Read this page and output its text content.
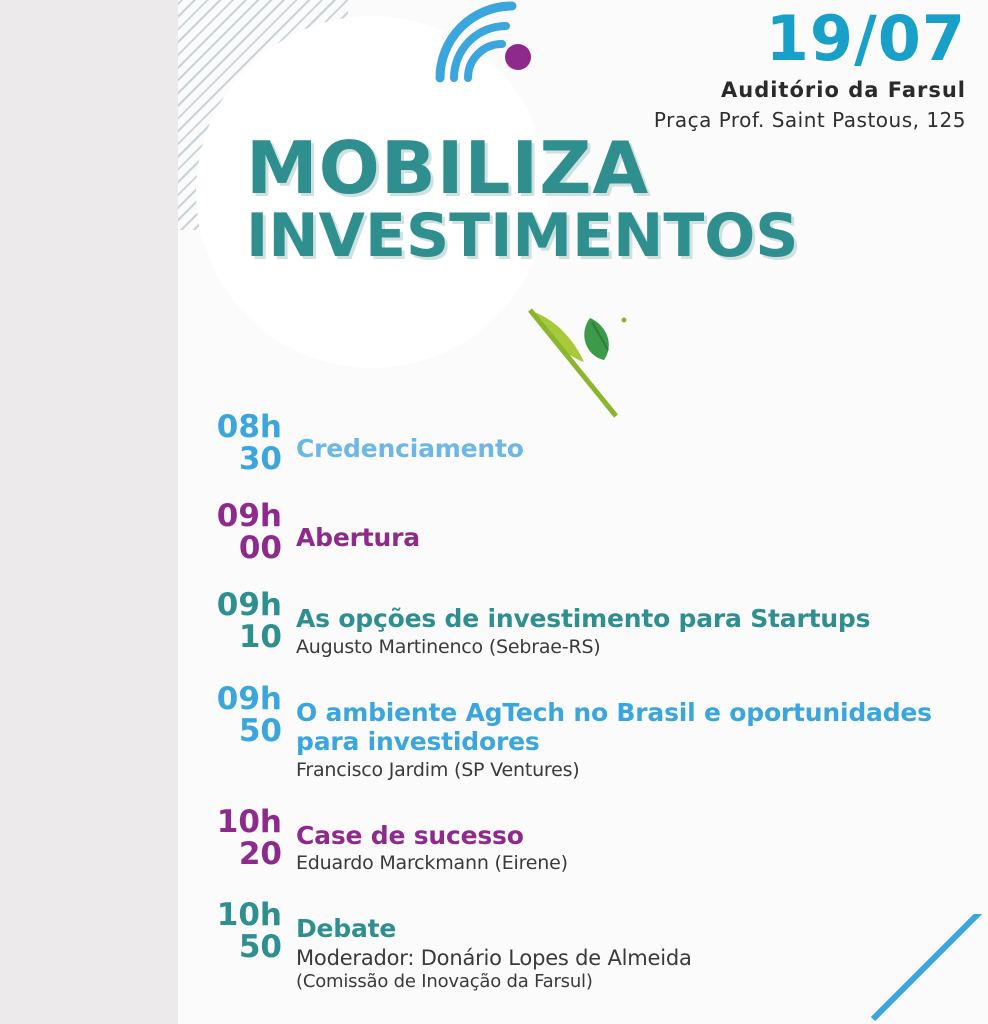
19/07
Auditório da Farsul
Praça Prof. Saint Pastous, 125
MOBILIZA
INVESTIMENTOS
08h
30 Credenciamento
09h
00 Abertura
09h
10
As opções de investimento para Startups
Augusto Martinenco (Sebrae-RS)
09h
50
O ambiente AgTech no Brasil e oportunidades para investidores
Francisco Jardim (SP Ventures)
10h
20
Case de sucesso
Eduardo Marckmann (Eirene)
10h
50
Debate
Moderador: Donário Lopes de Almeida
(Comissão de Inovação da Farsul)
